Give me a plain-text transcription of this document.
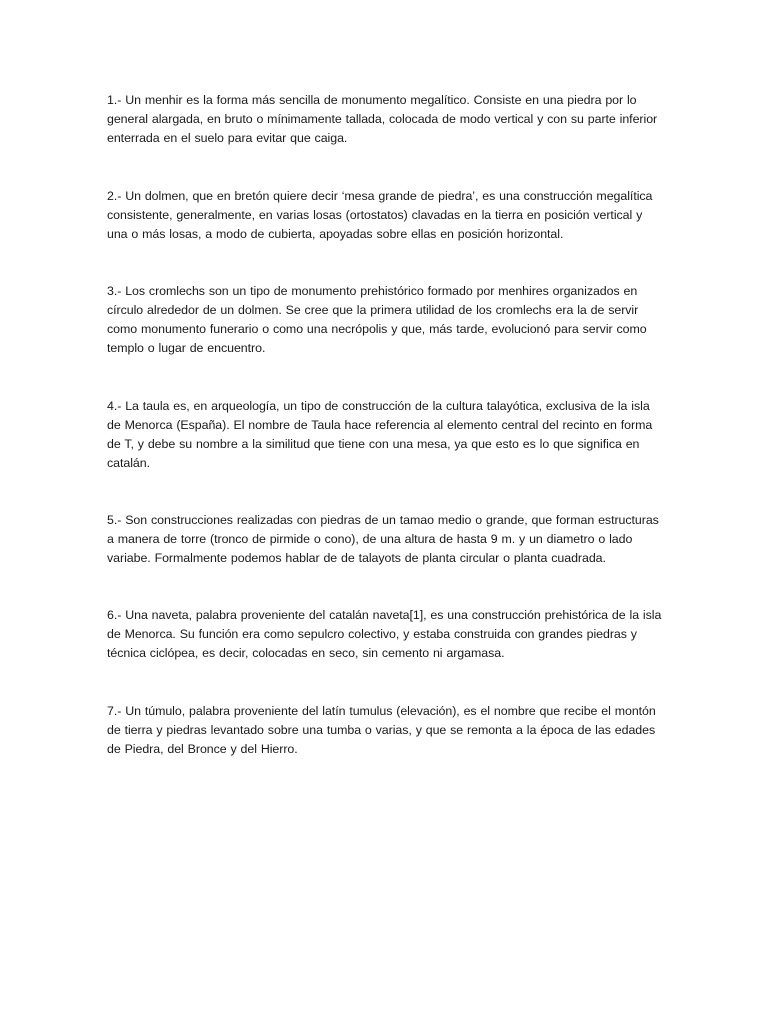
1.- Un menhir es la forma más sencilla de monumento megalítico. Consiste en una piedra por lo general alargada, en bruto o mínimamente tallada, colocada de modo vertical y con su parte inferior enterrada en el suelo para evitar que caiga.

2.- Un dolmen, que en bretón quiere decir ‘mesa grande de piedra’, es una construcción megalítica consistente, generalmente, en varias losas (ortostatos) clavadas en la tierra en posición vertical y una o más losas, a modo de cubierta, apoyadas sobre ellas en posición horizontal.

3.- Los cromlechs son un tipo de monumento prehistórico formado por menhires organizados en círculo alrededor de un dolmen. Se cree que la primera utilidad de los cromlechs era la de servir como monumento funerario o como una necrópolis y que, más tarde, evolucionó para servir como templo o lugar de encuentro.

4.- La taula es, en arqueología, un tipo de construcción de la cultura talayótica, exclusiva de la isla de Menorca (España). El nombre de Taula hace referencia al elemento central del recinto en forma de T, y debe su nombre a la similitud que tiene con una mesa, ya que esto es lo que significa en catalán.

5.- Son construcciones realizadas con piedras de un tamao medio o grande, que forman estructuras a manera de torre (tronco de pirmide o cono), de una altura de hasta 9 m. y un diametro o lado variabe. Formalmente podemos hablar de de talayots de planta circular o planta cuadrada.

6.- Una naveta, palabra proveniente del catalán naveta[1], es una construcción prehistórica de la isla de Menorca. Su función era como sepulcro colectivo, y estaba construida con grandes piedras y técnica ciclópea, es decir, colocadas en seco, sin cemento ni argamasa.

7.- Un túmulo, palabra proveniente del latín tumulus (elevación), es el nombre que recibe el montón de tierra y piedras levantado sobre una tumba o varias, y que se remonta a la época de las edades de Piedra, del Bronce y del Hierro.
